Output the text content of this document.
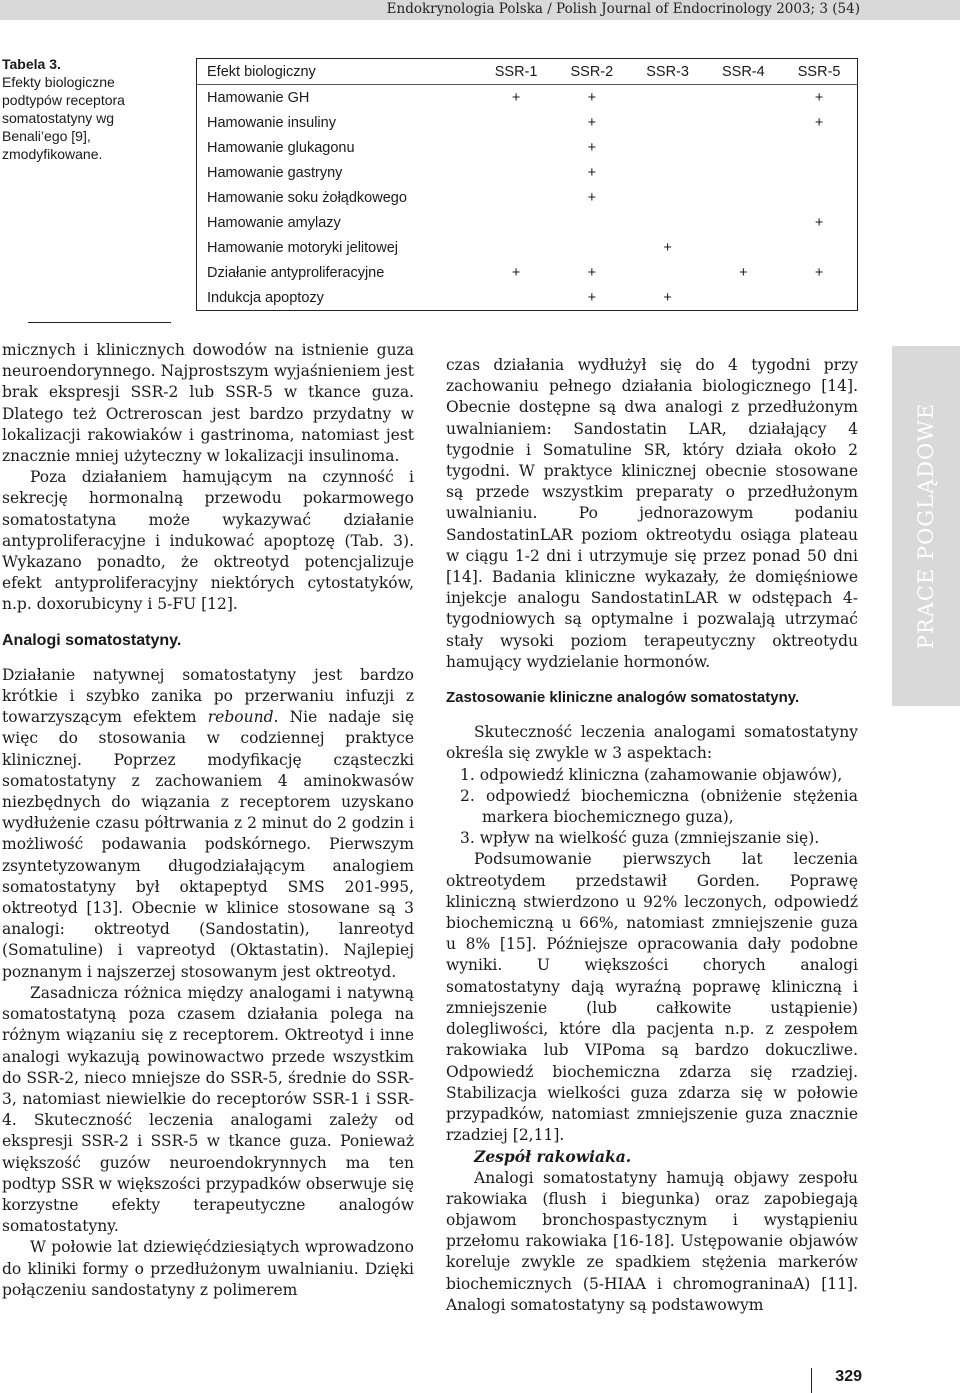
Endokrynologia Polska / Polish Journal of Endocrinology 2003; 3 (54)
Tabela 3.
Efekty biologiczne podtypów receptora somatostatyny wg Benali’ego [9], zmodyfikowane.
Efekt biologiczny	SSR-1	SSR-2	SSR-3	SSR-4	SSR-5
Hamowanie GH	+	+			+
Hamowanie insuliny		+			+
Hamowanie glukagonu		+			
Hamowanie gastryny		+			
Hamowanie soku żołądkowego		+			
Hamowanie amylazy					+
Hamowanie motoryki jelitowej			+		
Działanie antyproliferacyjne	+	+		+	+
Indukcja apoptozy		+	+		

micznych i klinicznych dowodów na istnienie guza neuroendorynnego. Najprostszym wyjaśnieniem jest brak ekspresji SSR-2 lub SSR-5 w tkance guza. Dlatego też Octreroscan jest bardzo przydatny w lokalizacji rakowiaków i gastrinoma, natomiast jest znacznie mniej użyteczny w lokalizacji insulinoma.

Poza działaniem hamującym na czynność i sekrecję hormonalną przewodu pokarmowego somatostatyna może wykazywać działanie antyproliferacyjne i indukować apoptozę (Tab. 3). Wykazano ponadto, że oktreotyd potencjalizuje efekt antyproliferacyjny niektórych cytostatyków, n.p. doxorubicyny i 5-FU [12].

Analogi somatostatyny.

Działanie natywnej somatostatyny jest bardzo krótkie i szybko zanika po przerwaniu infuzji z towarzyszącym efektem rebound. Nie nadaje się więc do stosowania w codziennej praktyce klinicznej. Poprzez modyfikację cząsteczki somatostatyny z zachowaniem 4 aminokwasów niezbędnych do wiązania z receptorem uzyskano wydłużenie czasu półtrwania z 2 minut do 2 godzin i możliwość podawania podskórnego. Pierwszym zsyntetyzowanym długodziałającym analogiem somatostatyny był oktapeptyd SMS 201-995, oktreotyd [13]. Obecnie w klinice stosowane są 3 analogi: oktreotyd (Sandostatin), lanreotyd (Somatuline) i vapreotyd (Oktastatin). Najlepiej poznanym i najszerzej stosowanym jest oktreotyd.

Zasadnicza różnica między analogami i natywną somatostatyną poza czasem działania polega na różnym wiązaniu się z receptorem. Oktreotyd i inne analogi wykazują powinowactwo przede wszystkim do SSR-2, nieco mniejsze do SSR-5, średnie do SSR-3, natomiast niewielkie do receptorów SSR-1 i SSR-4. Skuteczność leczenia analogami zależy od ekspresji SSR-2 i SSR-5 w tkance guza. Ponieważ większość guzów neuroendokrynnych ma ten podtyp SSR w większości przypadków obserwuje się korzystne efekty terapeutyczne analogów somatostatyny.

W połowie lat dziewięćdziesiątych wprowadzono do kliniki formy o przedłużonym uwalnianiu. Dzięki połączeniu sandostatyny z polimerem

czas działania wydłużył się do 4 tygodni przy zachowaniu pełnego działania biologicznego [14]. Obecnie dostępne są dwa analogi z przedłużonym uwalnianiem: Sandostatin LAR, działający 4 tygodnie i Somatuline SR, który działa około 2 tygodni. W praktyce klinicznej obecnie stosowane są przede wszystkim preparaty o przedłużonym uwalnianiu. Po jednorazowym podaniu SandostatinLAR poziom oktreotydu osiąga plateau w ciągu 1-2 dni i utrzymuje się przez ponad 50 dni [14]. Badania kliniczne wykazały, że domięśniowe injekcje analogu SandostatinLAR w odstępach 4-tygodniowych są optymalne i pozwalają utrzymać stały wysoki poziom terapeutyczny oktreotydu hamujący wydzielanie hormonów.

Zastosowanie kliniczne analogów somatostatyny.

Skuteczność leczenia analogami somatostatyny określa się zwykle w 3 aspektach:

1. odpowiedź kliniczna (zahamowanie objawów),
2. odpowiedź biochemiczna (obniżenie stężenia markera biochemicznego guza),
3. wpływ na wielkość guza (zmniejszanie się).

Podsumowanie pierwszych lat leczenia oktreotydem przedstawił Gorden. Poprawę kliniczną stwierdzono u 92% leczonych, odpowiedź biochemiczną u 66%, natomiast zmniejszenie guza u 8% [15]. Późniejsze opracowania dały podobne wyniki. U większości chorych analogi somatostatyny dają wyraźną poprawę kliniczną i zmniejszenie (lub całkowite ustąpienie) dolegliwości, które dla pacjenta n.p. z zespołem rakowiaka lub VIPoma są bardzo dokuczliwe. Odpowiedź biochemiczna zdarza się rzadziej. Stabilizacja wielkości guza zdarza się w połowie przypadków, natomiast zmniejszenie guza znacznie rzadziej [2,11].

Zespół rakowiaka.

Analogi somatostatyny hamują objawy zespołu rakowiaka (flush i biegunka) oraz zapobiegają objawom bronchospastycznym i wystąpieniu przełomu rakowiaka [16-18]. Ustępowanie objawów koreluje zwykle ze spadkiem stężenia markerów biochemicznych (5-HIAA i chromograninaA) [11]. Analogi somatostatyny są podstawowym

PRACE POGLĄDOWE
329
